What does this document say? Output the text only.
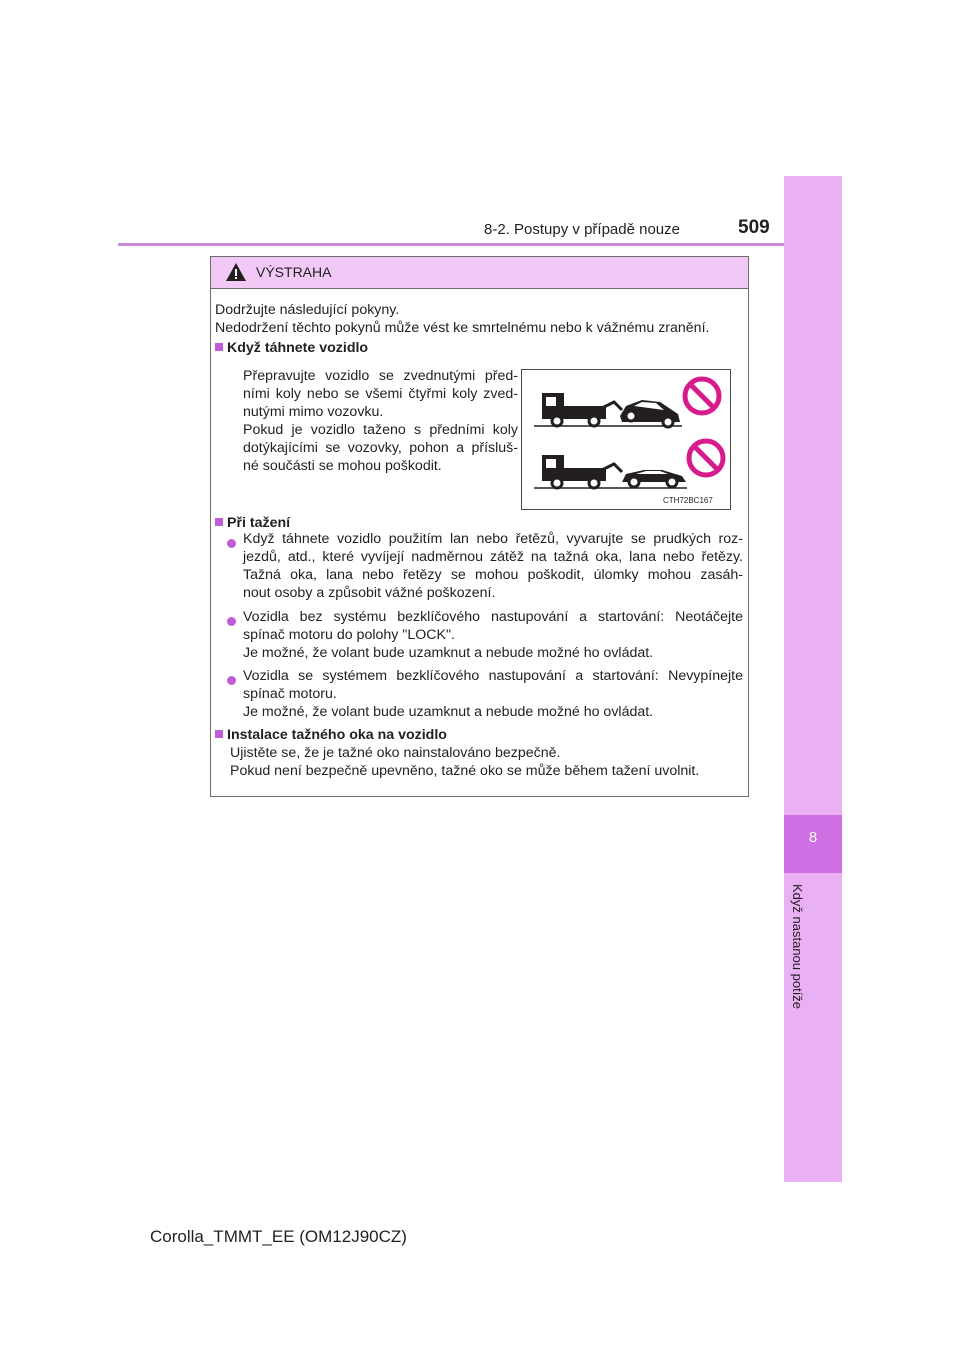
8-2. Postupy v případě nouze	509
8
Když nastanou potíže
VÝSTRAHA
Dodržujte následující pokyny.
Nedodržení těchto pokynů může vést ke smrtelnému nebo k vážnému zranění.
Když táhnete vozidlo
Přepravujte vozidlo se zvednutými před-
ními koly nebo se všemi čtyřmi koly zved-
nutými mimo vozovku.
Pokud je vozidlo taženo s předními koly
dotýkajícími se vozovky, pohon a přísluš-
né součásti se mohou poškodit.
CTH72BC167
Při tažení
Když táhnete vozidlo použitím lan nebo řetězů, vyvarujte se prudkých roz-
jezdů, atd., které vyvíjejí nadměrnou zátěž na tažná oka, lana nebo řetězy.
Tažná oka, lana nebo řetězy se mohou poškodit, úlomky mohou zasáh-
nout osoby a způsobit vážné poškození.
Vozidla bez systému bezklíčového nastupování a startování: Neotáčejte
spínač motoru do polohy "LOCK".
Je možné, že volant bude uzamknut a nebude možné ho ovládat.
Vozidla se systémem bezklíčového nastupování a startování: Nevypínejte
spínač motoru.
Je možné, že volant bude uzamknut a nebude možné ho ovládat.
Instalace tažného oka na vozidlo
Ujistěte se, že je tažné oko nainstalováno bezpečně.
Pokud není bezpečně upevněno, tažné oko se může během tažení uvolnit.
Corolla_TMMT_EE (OM12J90CZ)
